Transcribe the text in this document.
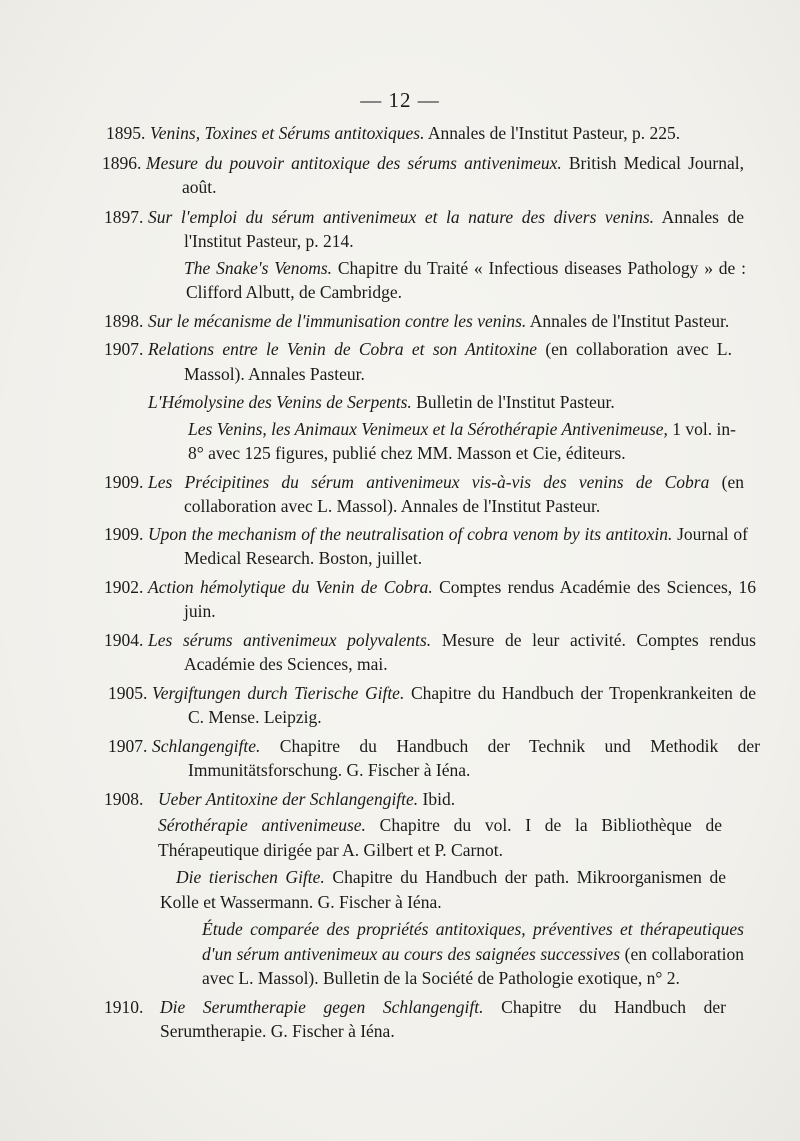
— 12 —
1895. Venins, Toxines et Sérums antitoxiques. Annales de l'Institut Pasteur, p. 225.
1896. Mesure du pouvoir antitoxique des sérums antivenimeux. British Medical Journal, août.
1897. Sur l'emploi du sérum antivenimeux et la nature des divers venins. Annales de l'Institut Pasteur, p. 214.
The Snake's Venoms. Chapitre du Traité « Infectious diseases Pathology » de : Clifford Albutt, de Cambridge.
1898. Sur le mécanisme de l'immunisation contre les venins. Annales de l'Institut Pasteur.
1907. Relations entre le Venin de Cobra et son Antitoxine (en collaboration avec L. Massol). Annales Pasteur.
L'Hémolysine des Venins de Serpents. Bulletin de l'Institut Pasteur.
Les Venins, les Animaux Venimeux et la Sérothérapie Antivenimeuse, 1 vol. in-8° avec 125 figures, publié chez MM. Masson et Cie, éditeurs.
1909. Les Précipitines du sérum antivenimeux vis-à-vis des venins de Cobra (en collaboration avec L. Massol). Annales de l'Institut Pasteur.
1909. Upon the mechanism of the neutralisation of cobra venom by its antitoxin. Journal of Medical Research. Boston, juillet.
1902. Action hémolytique du Venin de Cobra. Comptes rendus Académie des Sciences, 16 juin.
1904. Les sérums antivenimeux polyvalents. Mesure de leur activité. Comptes rendus Académie des Sciences, mai.
1905. Vergiftungen durch Tierische Gifte. Chapitre du Handbuch der Tropenkrankeiten de C. Mense. Leipzig.
1907. Schlangengifte. Chapitre du Handbuch der Technik und Methodik der Immunitätsforschung. G. Fischer à Iéna.
1908. Ueber Antitoxine der Schlangengifte. Ibid.
Sérothérapie antivenimeuse. Chapitre du vol. I de la Bibliothèque de Thérapeutique dirigée par A. Gilbert et P. Carnot.
Die tierischen Gifte. Chapitre du Handbuch der path. Mikroorganismen de Kolle et Wassermann. G. Fischer à Iéna.
Étude comparée des propriétés antitoxiques, préventives et thérapeutiques d'un sérum antivenimeux au cours des saignées successives (en collaboration avec L. Massol). Bulletin de la Société de Pathologie exotique, n° 2.
1910. Die Serumtherapie gegen Schlangengift. Chapitre du Handbuch der Serumtherapie. G. Fischer à Iéna.
